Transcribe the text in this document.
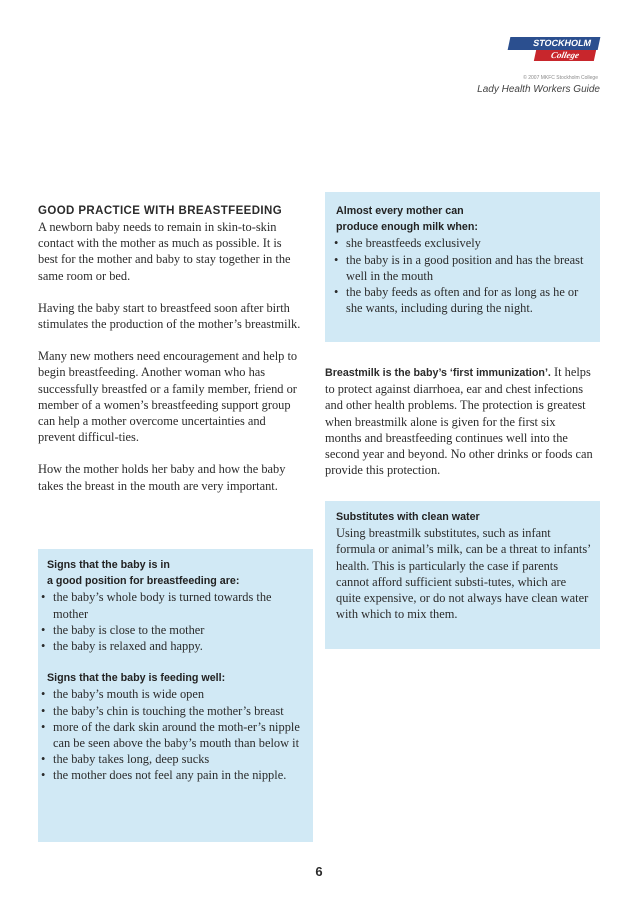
STOCKHOLM
College
© 2007 MKFC Stockholm College
Lady Health Workers Guide
GOOD PRACTICE WITH BREASTFEEDING

A newborn baby needs to remain in skin-to-skin contact with the mother as much as possible. It is best for the mother and baby to stay together in the same room or bed.

Having the baby start to breastfeed soon after birth stimulates the production of the mother’s breastmilk.

Many new mothers need encouragement and help to begin breastfeeding. Another woman who has successfully breastfed or a family member, friend or member of a women’s breastfeeding support group can help a mother overcome uncertainties and prevent difficul-ties.

How the mother holds her baby and how the baby takes the breast in the mouth are very important.

Signs that the baby is in
a good position for breastfeeding are:
• the baby’s whole body is turned towards the mother
• the baby is close to the mother
• the baby is relaxed and happy.
Signs that the baby is feeding well:
• the baby’s mouth is wide open
• the baby’s chin is touching the mother’s breast
• more of the dark skin around the moth-er’s nipple can be seen above the baby’s mouth than below it
• the baby takes long, deep sucks
• the mother does not feel any pain in the nipple.
Almost every mother can
produce enough milk when:
• she breastfeeds exclusively
• the baby is in a good position and has the breast well in the mouth
• the baby feeds as often and for as long as he or she wants, including during the night.

Breastmilk is the baby’s ‘first immunization’. It helps to protect against diarrhoea, ear and chest infections and other health problems. The protection is greatest when breastmilk alone is given for the first six months and breastfeeding continues well into the second year and beyond. No other drinks or foods can provide this protection.

Substitutes with clean water

Using breastmilk substitutes, such as infant formula or animal’s milk, can be a threat to infants’ health. This is particularly the case if parents cannot afford sufficient substi-tutes, which are quite expensive, or do not always have clean water with which to mix them.

6
